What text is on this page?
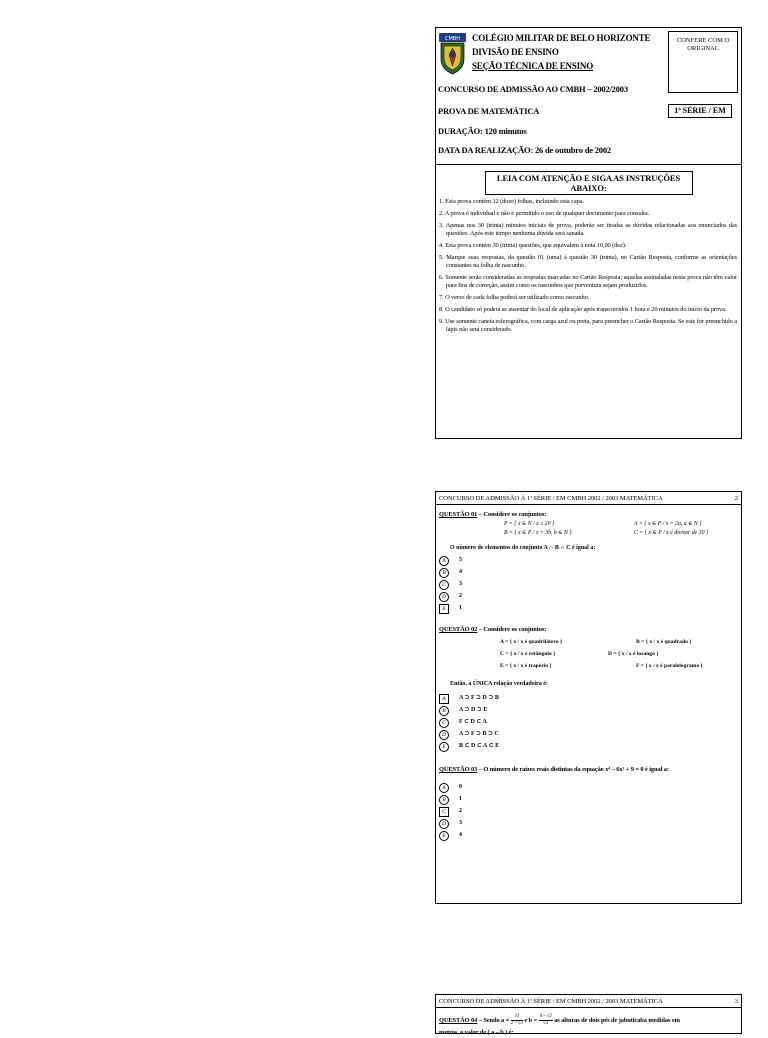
CMBH COLÉGIO MILITAR DE BELO HORIZONTE
DIVISÃO DE ENSINO
SEÇÃO TÉCNICA DE ENSINO
CONFERE COM O ORIGINAL
CONCURSO DE ADMISSÃO AO CMBH – 2002/2003
PROVA DE MATEMÁTICA	1ª SÉRIE / EM
DURAÇÃO: 120 minutos
DATA DA REALIZAÇÃO: 26 de outubro de 2002
LEIA COM ATENÇÃO E SIGA AS INSTRUÇÕES ABAIXO:
1. Esta prova contém 12 (doze) folhas, incluindo esta capa.
2. A prova é individual e não é permitido o uso de qualquer documento para consulta.
3. Apenas nos 30 (trinta) minutos iniciais de prova, poderão ser tiradas as dúvidas relacionadas aos enunciados das questões. Após este tempo nenhuma dúvida será sanada.
4. Esta prova contém 30 (trinta) questões, que equivalem à nota 10,00 (dez).
5. Marque suas respostas, da questão 01 (uma) à questão 30 (trinta), no Cartão Resposta, conforme as orientações constantes na folha de rascunho.
6. Somente serão consideradas as respostas marcadas no Cartão Resposta; aquelas assinaladas nesta prova não têm valor para fins de correção, assim como os rascunhos que porventura sejam produzidos.
7. O verso de cada folha poderá ser utilizado como rascunho.
8. O candidato só poderá se ausentar do local de aplicação após transcorridos 1 hora e 20 minutos do início da prova.
9. Use somente caneta esferográfica, com carga azul ou preta, para preencher o Cartão Resposta. Se este for preenchido a lápis não será considerado.
CONCURSO DE ADMISSÃO À 1ª SÉRIE / EM CMBH 2002 / 2003 MATEMÁTICA	2
QUESTÃO 01 – Considere os conjuntos:
P = { x ∈ N / x ≤ 20 }	A = { x ∈ P / x = 2a, a ∈ N }
B = { x ∈ P / x = 3b, b ∈ N }	C = { x ∈ P / x é divisor de 30 }
O número de elementos do conjunto A ∩ B ∩ C é igual a:
A	5
B	4
C	3
D	2
E	1
QUESTÃO 02 – Considere os conjuntos:
A = { x / x é quadrilátero }	B = { x / x é quadrado }
C = { x / x é retângulo }	D = { x / x é losango }
E = { x / x é trapézio }	F = { x / x é paralelogramo }
Então, a ÚNICA relação verdadeira é:
A	A ⊃ F ⊃ D ⊃ B
B	A ⊃ D ⊃ E
C	F ⊂ D ⊂ A
D	A ⊃ F ⊃ B ⊃ C
E	B ⊂ D ⊂ A ⊂ E
QUESTÃO 03 – O número de raízes reais distintas da equação x⁴ – 6x² + 9 = 0 é igual a:
A	0
B	1
C	2
D	3
E	4
CONCURSO DE ADMISSÃO À 1ª SÉRIE / EM CMBH 2002 / 2003 MATEMÁTICA	3
QUESTÃO 04 – Sendo $a = \frac{√3}{2 - √3}$ e $b = \frac{4 - √3}{√3}$ as alturas de dois pés de jabuticaba medidas em
metros, o valor de ( a – b ) é:
